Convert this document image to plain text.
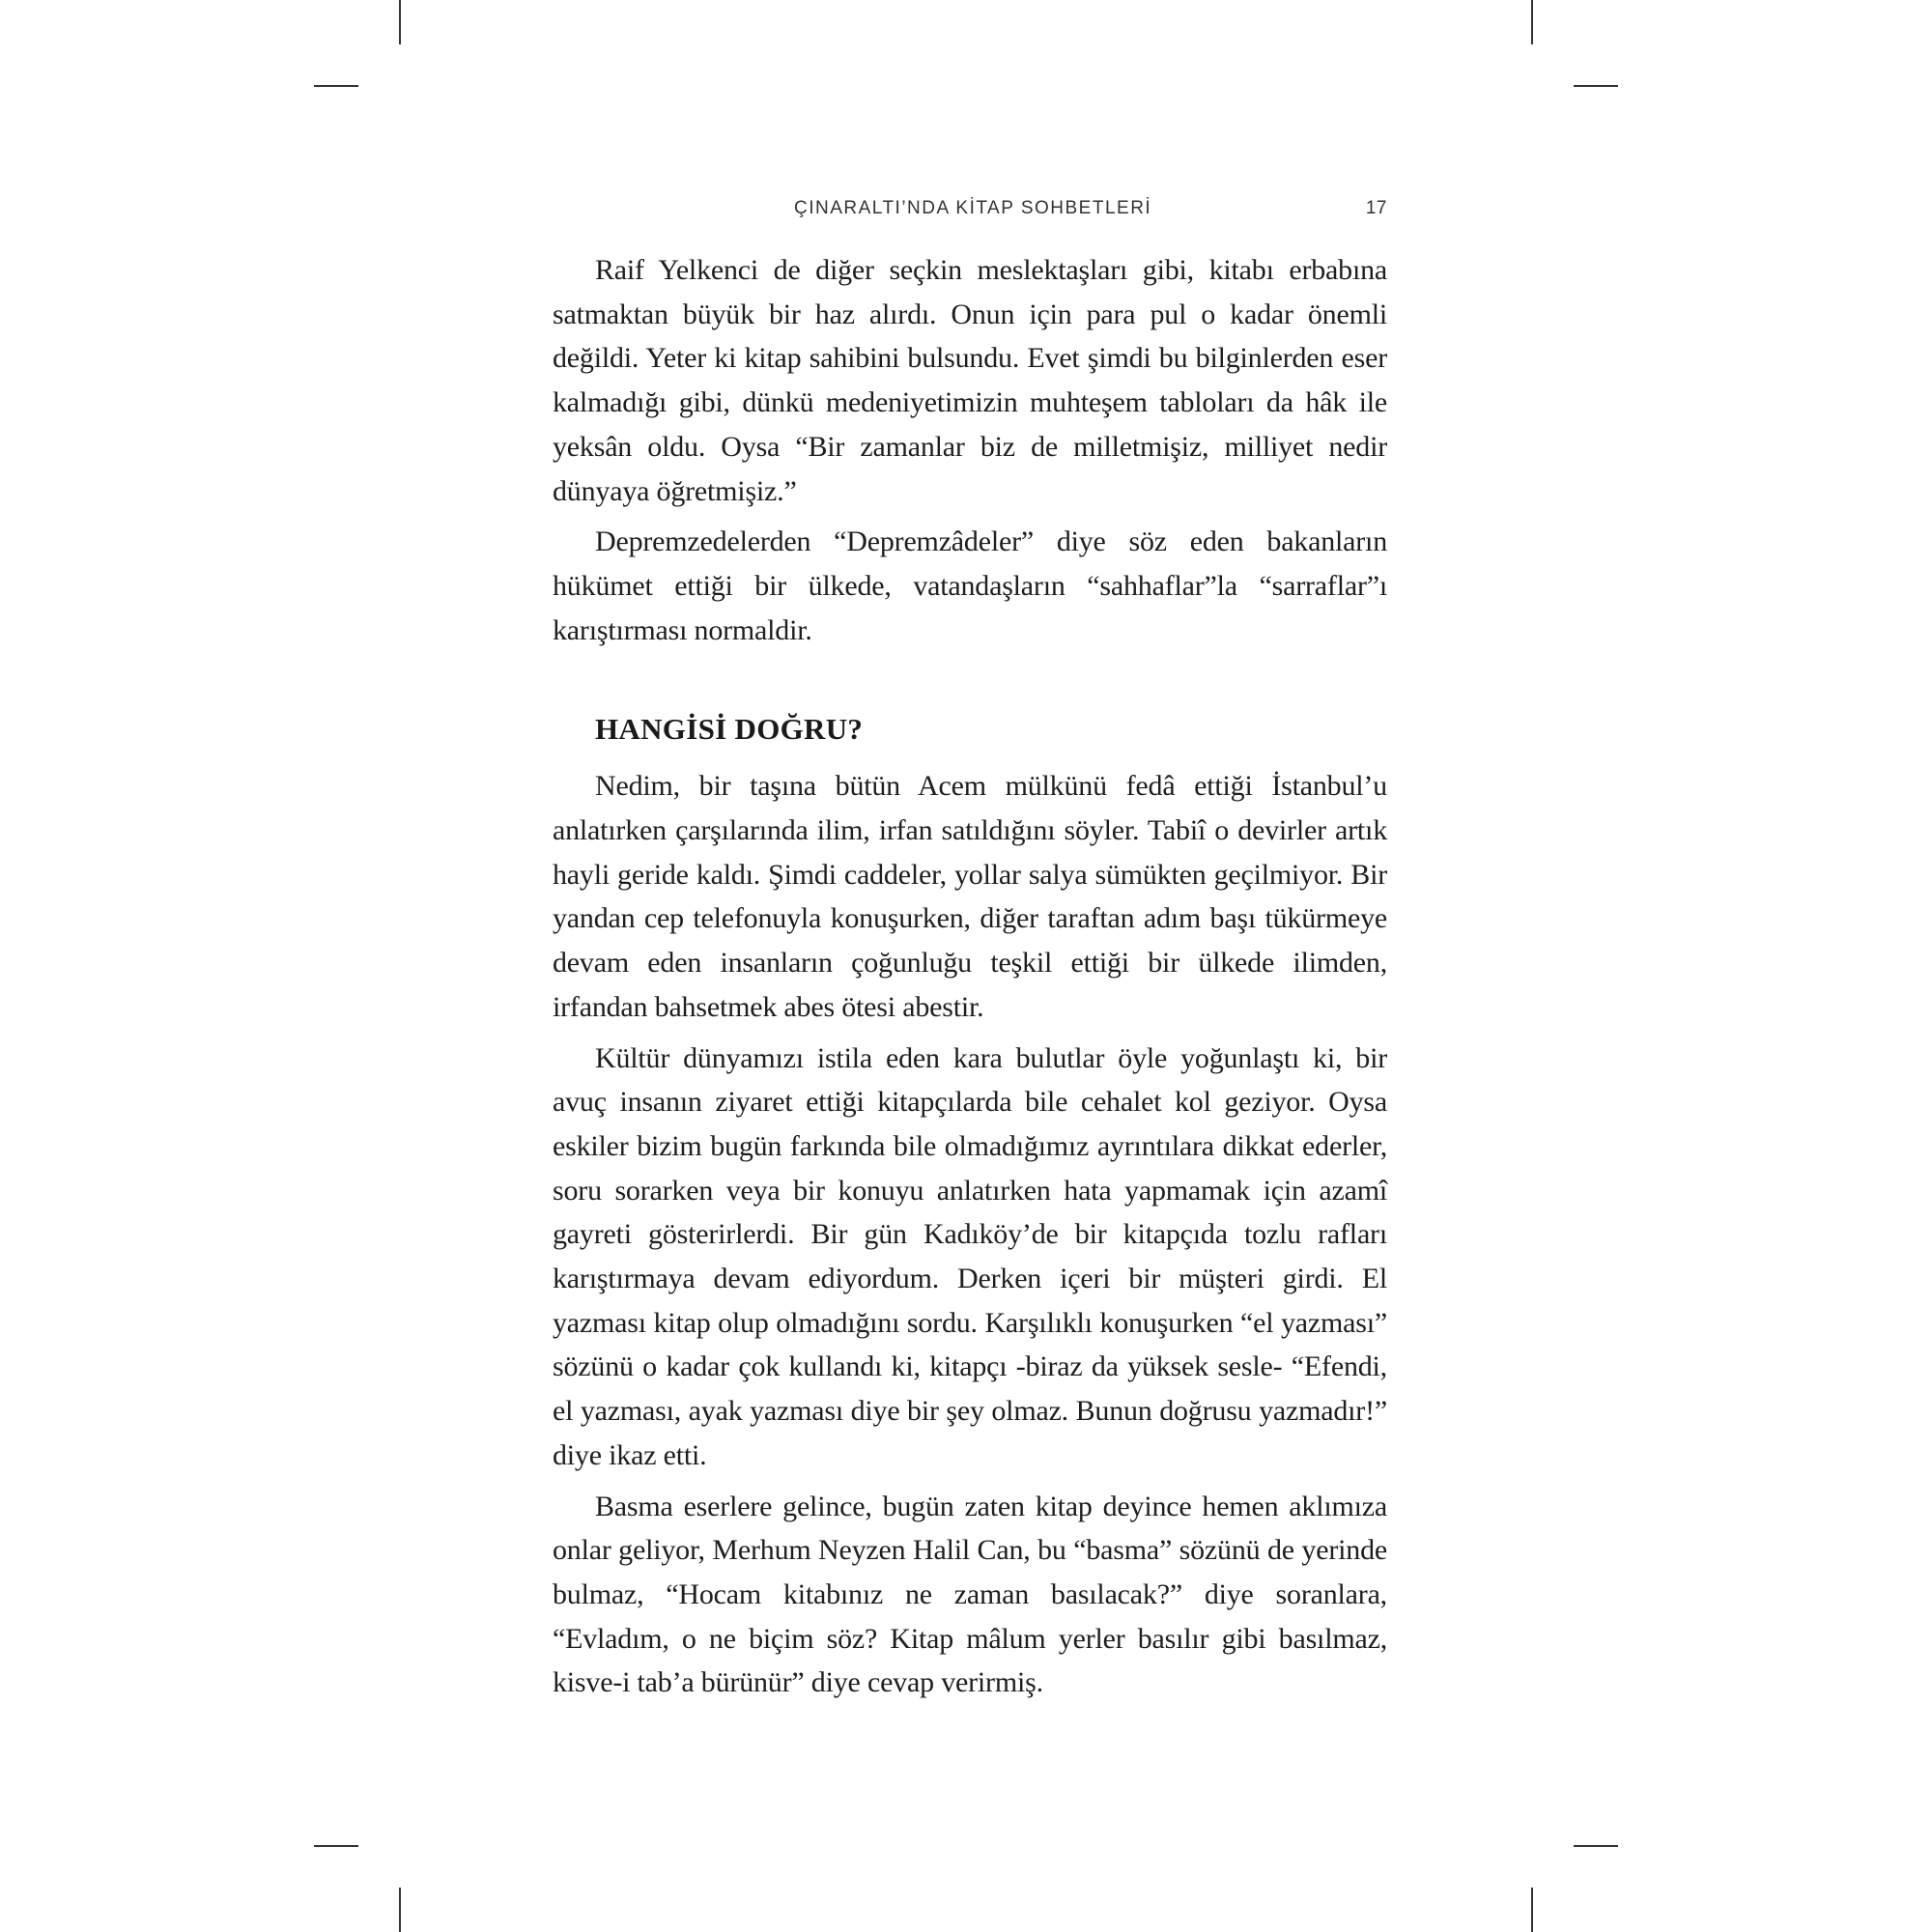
ÇINARALTI’NDA KİTAP SOHBETLERİ	17

Raif Yelkenci de diğer seçkin meslektaşları gibi, kitabı erbabına satmaktan büyük bir haz alırdı. Onun için para pul o kadar önemli değildi. Yeter ki kitap sahibini bulsundu. Evet şimdi bu bilginlerden eser kalmadığı gibi, dünkü medeniyetimizin muhteşem tabloları da hâk ile yeksân oldu. Oysa “Bir zamanlar biz de milletmişiz, milliyet nedir dünyaya öğretmişiz.”

Depremzedelerden “Depremzâdeler” diye söz eden bakanların hükümet ettiği bir ülkede, vatandaşların “sahhaflar”la “sarraflar”ı karıştırması normaldir.

HANGİSİ DOĞRU?

Nedim, bir taşına bütün Acem mülkünü fedâ ettiği İstanbul’u anlatırken çarşılarında ilim, irfan satıldığını söyler. Tabiî o devirler artık hayli geride kaldı. Şimdi caddeler, yollar salya sümükten geçilmiyor. Bir yandan cep telefonuyla konuşurken, diğer taraftan adım başı tükürmeye devam eden insanların çoğunluğu teşkil ettiği bir ülkede ilimden, irfandan bahsetmek abes ötesi abestir.

Kültür dünyamızı istila eden kara bulutlar öyle yoğunlaştı ki, bir avuç insanın ziyaret ettiği kitapçılarda bile cehalet kol geziyor. Oysa eskiler bizim bugün farkında bile olmadığımız ayrıntılara dikkat ederler, soru sorarken veya bir konuyu anlatırken hata yapmamak için azamî gayreti gösterirlerdi. Bir gün Kadıköy’de bir kitapçıda tozlu rafları karıştırmaya devam ediyordum. Derken içeri bir müşteri girdi. El yazması kitap olup olmadığını sordu. Karşılıklı konuşurken “el yazması” sözünü o kadar çok kullandı ki, kitapçı -biraz da yüksek sesle- “Efendi, el yazması, ayak yazması diye bir şey olmaz. Bunun doğrusu yazmadır!” diye ikaz etti.

Basma eserlere gelince, bugün zaten kitap deyince hemen aklımıza onlar geliyor, Merhum Neyzen Halil Can, bu “basma” sözünü de yerinde bulmaz, “Hocam kitabınız ne zaman basılacak?” diye soranlara, “Evladım, o ne biçim söz? Kitap mâlum yerler basılır gibi basılmaz, kisve-i tab’a bürünür” diye cevap verirmiş.
